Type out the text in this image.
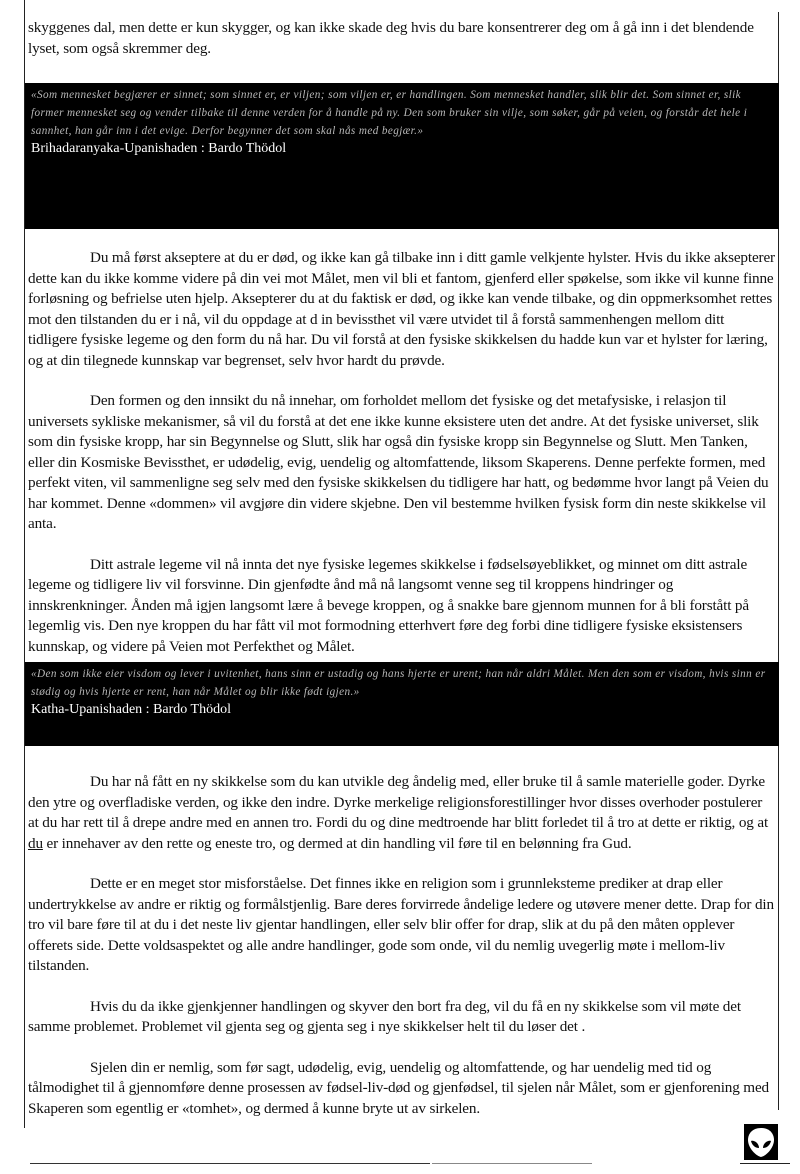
skyggenes dal, men dette er kun skygger, og kan ikke skade deg hvis du bare konsentrerer deg om å gå inn i det blendende lyset, som også skremmer deg.

«Som mennesket begjærer er sinnet; som sinnet er, er viljen; som viljen er, er handlingen. Som mennesket handler, slik blir det. Som sinnet er, slik former mennesket seg og vender tilbake til denne verden for å handle på ny. Den som bruker sin vilje, som søker, går på veien, og forstår det hele i sannhet, han går inn i det evige. Derfor begynner det som skal nås med begjær.»
Brihadaranyaka-Upanishaden : Bardo Thödol

Du må først akseptere at du er død, og ikke kan gå tilbake inn i ditt gamle velkjente hylster. Hvis du ikke aksepterer dette kan du ikke komme videre på din vei mot Målet, men vil bli et fantom, gjenferd eller spøkelse, som ikke vil kunne finne forløsning og befrielse uten hjelp. Aksepterer du at du faktisk er død, og ikke kan vende tilbake, og din oppmerksomhet rettes mot den tilstanden du er i nå, vil du oppdage at d in bevissthet vil være utvidet til å forstå sammenhengen mellom ditt tidligere fysiske legeme og den form du nå har. Du vil forstå at den fysiske skikkelsen du hadde kun var et hylster for læring, og at din tilegnede kunnskap var begrenset, selv hvor hardt du prøvde.

Den formen og den innsikt du nå innehar, om forholdet mellom det fysiske og det metafysiske, i relasjon til universets sykliske mekanismer, så vil du forstå at det ene ikke kunne eksistere uten det andre. At det fysiske universet, slik som din fysiske kropp, har sin Begynnelse og Slutt, slik har også din fysiske kropp sin Begynnelse og Slutt. Men Tanken, eller din Kosmiske Bevissthet, er udødelig, evig, uendelig og altomfattende, liksom Skaperens. Denne perfekte formen, med perfekt viten, vil sammenligne seg selv med den fysiske skikkelsen du tidligere har hatt, og bedømme hvor langt på Veien du har kommet. Denne «dommen» vil avgjøre din videre skjebne. Den vil bestemme hvilken fysisk form din neste skikkelse vil anta.

Ditt astrale legeme vil nå innta det nye fysiske legemes skikkelse i fødselsøyeblikket, og minnet om ditt astrale legeme og tidligere liv vil forsvinne. Din gjenfødte ånd må nå langsomt venne seg til kroppens hindringer og innskrenkninger. Ånden må igjen langsomt lære å bevege kroppen, og å snakke bare gjennom munnen for å bli forstått på legemlig vis. Den nye kroppen du har fått vil mot formodning etterhvert føre deg forbi dine tidligere fysiske eksistensers kunnskap, og videre på Veien mot Perfekthet og Målet.

«Den som ikke eier visdom og lever i uvitenhet, hans sinn er ustadig og hans hjerte er urent; han når aldri Målet. Men den som er visdom, hvis sinn er stødig og hvis hjerte er rent, han når Målet og blir ikke født igjen.»
Katha-Upanishaden : Bardo Thödol

Du har nå fått en ny skikkelse som du kan utvikle deg åndelig med, eller bruke til å samle materielle goder. Dyrke den ytre og overfladiske verden, og ikke den indre. Dyrke merkelige religionsforestillinger hvor disses overhoder postulerer at du har rett til å drepe andre med en annen tro. Fordi du og dine medtroende har blitt forledet til å tro at dette er riktig, og at du er innehaver av den rette og eneste tro, og dermed at din handling vil føre til en belønning fra Gud.

Dette er en meget stor misforståelse. Det finnes ikke en religion som i grunnleksteme prediker at drap eller undertrykkelse av andre er riktig og formålstjenlig. Bare deres forvirrede åndelige ledere og utøvere mener dette. Drap for din tro vil bare føre til at du i det neste liv gjentar handlingen, eller selv blir offer for drap, slik at du på den måten opplever offerets side. Dette voldsaspektet og alle andre handlinger, gode som onde, vil du nemlig uvegerlig møte i mellom-liv tilstanden.

Hvis du da ikke gjenkjenner handlingen og skyver den bort fra deg, vil du få en ny skikkelse som vil møte det samme problemet. Problemet vil gjenta seg og gjenta seg i nye skikkelser helt til du løser det .

Sjelen din er nemlig, som før sagt, udødelig, evig, uendelig og altomfattende, og har uendelig med tid og tålmodighet til å gjennomføre denne prosessen av fødsel-liv-død og gjenfødsel, til sjelen når Målet, som er gjenforening med Skaperen som egentlig er «tomhet», og dermed å kunne bryte ut av sirkelen.
